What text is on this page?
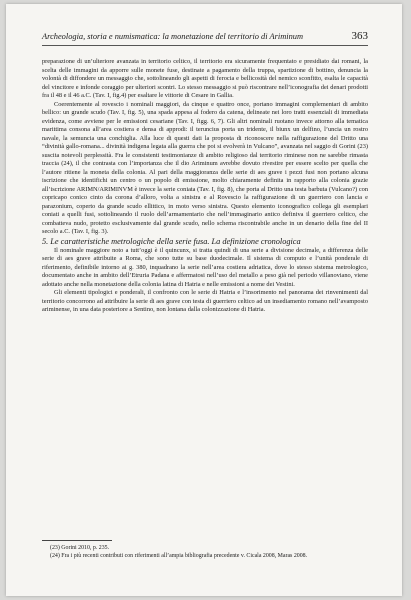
Archeologia, storia e numismatica: la monetazione del territorio di Ariminum	363

preparazione di un’ulteriore avanzata in territorio celtico, il territorio era sicuramente frequentato e presidiato dai romani, la scelta delle immagini da apporre sulle monete fuse, destinate a pagamento della truppa, spartizione di bottino, denuncia la volontà di diffondere un messaggio che, sottolineando gli aspetti di ferocia e bellicosità del nemico sconfitto, esalta le capacità del vincitore e infonde coraggio per ulteriori scontri. Lo stesso messaggio si può riscontrare nell’iconografia dei denari prodotti fra il 48 e il 46 a.C. (Tav. I, fig.4) per esaltare le vittorie di Cesare in Gallia.

Coerentemente al rovescio i nominali maggiori, da cinque e quattro once, portano immagini complementari di ambito bellico: un grande scudo (Tav. I, fig. 5), una spada appesa al fodero da catena, delineate nei loro tratti essenziali di immediata evidenza, come avviene per le emissioni cesariane (Tav. I, figg. 6, 7). Gli altri nominali ruotano invece attorno alla tematica marittima consona all’area costiera e densa di approdi: il teruncius porta un tridente, il biunx un delfino, l’uncia un rostro navale, la semuncia una conchiglia. Alla luce di questi dati la proposta di riconoscere nella raffigurazione del Dritto una “divinità gallo-romana... divinità indigena legata alla guerra che poi si evolverà in Vulcano”, avanzata nel saggio di Gorini (23) suscita notevoli perplessità. Fra le consistenti testimonianze di ambito religioso dal territorio riminese non ne sarebbe rimasta traccia (24), il che contrasta con l’importanza che il dio Ariminum avrebbe dovuto rivestire per essere scelto per quella che l’autore ritiene la moneta della colonia. Al pari della maggioranza delle serie di aes grave i pezzi fusi non portano alcuna iscrizione che identifichi un centro o un popolo di emissione, molto chiaramente definita in rapporto alla colonia grazie all’iscrizione ARIMN/ARIMINVM è invece la serie coniata (Tav. I, fig. 8), che porta al Dritto una testa barbuta (Vulcano?) con copricapo conico cinto da corona d’alloro, volta a sinistra e al Rovescio la raffigurazione di un guerriero con lancia e parazonium, coperto da grande scudo ellittico, in moto verso sinistra. Questo elemento iconografico collega gli esemplari coniati a quelli fusi, sottolineando il ruolo dell’armamentario che nell’immaginario antico definiva il guerriero celtico, che combatteva nudo, protetto esclusivamente dal grande scudo, nello schema riscontrabile anche in un denario della fine del II secolo a.C. (Tav. I, fig. 3).

5. Le caratteristiche metrologiche della serie fusa. La definizione cronologica

Il nominale maggiore noto a tutt’oggi è il quincunx, si tratta quindi di una serie a divisione decimale, a differenza delle serie di aes grave attribuite a Roma, che sono tutte su base duodecimale. Il sistema di computo e l’unità ponderale di riferimento, definibile intorno ai g. 380, inquadrano la serie nell’area costiera adriatica, dove lo stesso sistema metrologico, documentato anche in ambito dell’Etruria Padana e affermatosi nell’uso del metallo a peso già nel periodo villanoviano, viene adottato anche nella monetazione della colonia latina di Hatria e nelle emissioni a nome dei Vestini.

Gli elementi tipologici e ponderali, il confronto con le serie di Hatria e l’insorimento nel panorama dei rinvenimenti dal territorio concorrono ad attribuire la serie di aes grave con testa di guerriero celtico ad un insediamento romano nell’avamposto ariminense, in una data posteriore a Sentino, non lontana dalla colonizzazione di Hatria.

(23) Gorini 2010, p. 235.
(24) Fra i più recenti contributi con riferimenti all’ampia bibliografia precedente v. Cicala 2008, Maras 2008.
